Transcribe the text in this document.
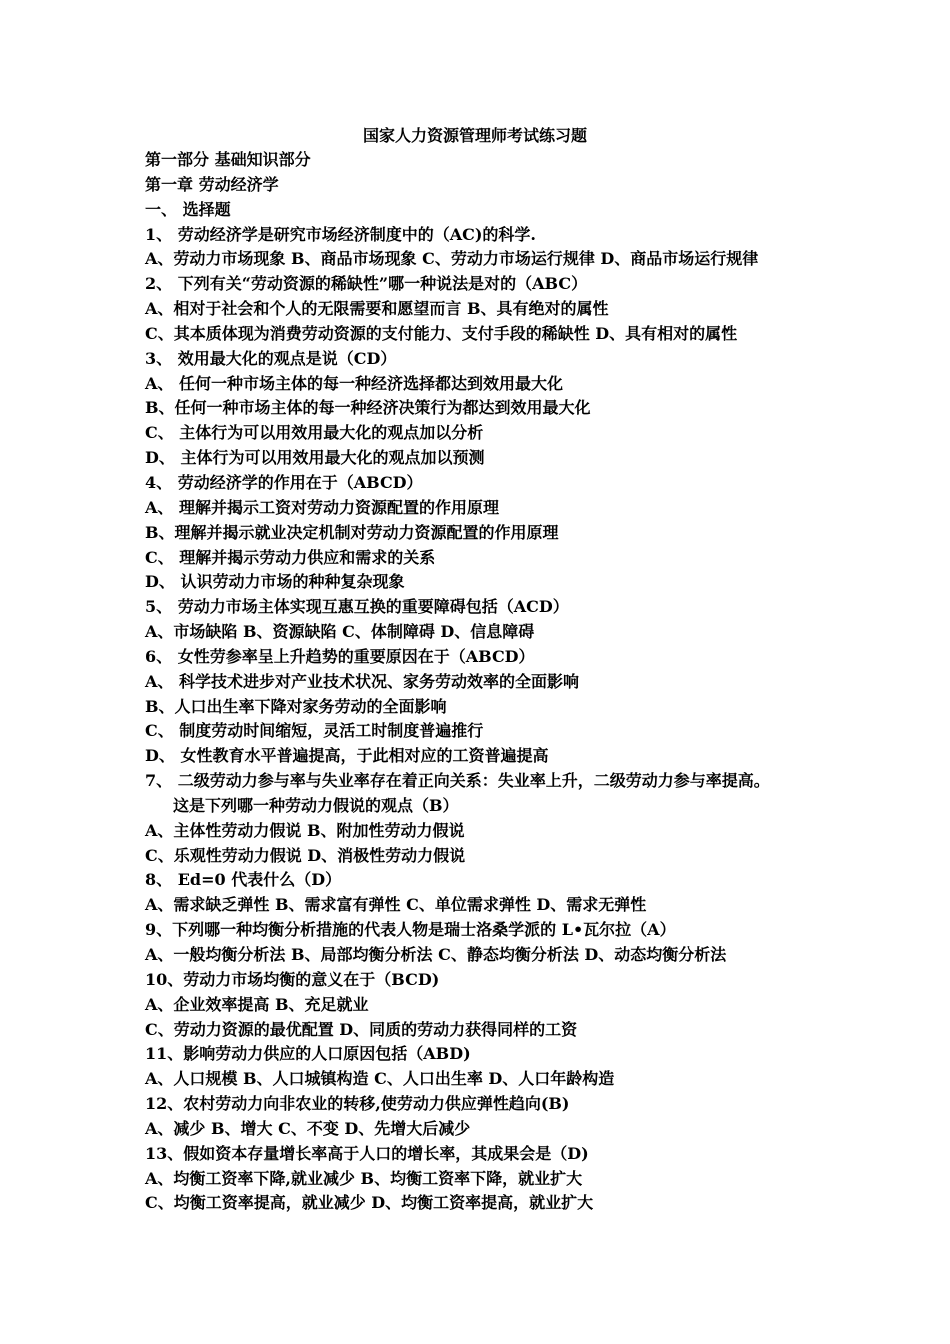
国家人力资源管理师考试练习题
第一部分 基础知识部分
第一章 劳动经济学
一、 选择题
1、 劳动经济学是研究市场经济制度中的（AC)的科学.
A、劳动力市场现象 B、商品市场现象 C、劳动力市场运行规律 D、商品市场运行规律
2、 下列有关“劳动资源的稀缺性”哪一种说法是对的（ABC）
A、相对于社会和个人的无限需要和愿望而言 B、具有绝对的属性
C、其本质体现为消费劳动资源的支付能力、支付手段的稀缺性 D、具有相对的属性
3、 效用最大化的观点是说（CD）
A、 任何一种市场主体的每一种经济选择都达到效用最大化
B、任何一种市场主体的每一种经济决策行为都达到效用最大化
C、 主体行为可以用效用最大化的观点加以分析
D、 主体行为可以用效用最大化的观点加以预测
4、 劳动经济学的作用在于（ABCD）
A、 理解并揭示工资对劳动力资源配置的作用原理
B、理解并揭示就业决定机制对劳动力资源配置的作用原理
C、 理解并揭示劳动力供应和需求的关系
D、 认识劳动力市场的种种复杂现象
5、 劳动力市场主体实现互惠互换的重要障碍包括（ACD）
A、市场缺陷 B、资源缺陷 C、体制障碍 D、信息障碍
6、 女性劳参率呈上升趋势的重要原因在于（ABCD）
A、 科学技术进步对产业技术状况、家务劳动效率的全面影响
B、人口出生率下降对家务劳动的全面影响
C、 制度劳动时间缩短，灵活工时制度普遍推行
D、 女性教育水平普遍提高，于此相对应的工资普遍提高
7、 二级劳动力参与率与失业率存在着正向关系：失业率上升，二级劳动力参与率提高。
这是下列哪一种劳动力假说的观点（B）
A、主体性劳动力假说 B、附加性劳动力假说
C、乐观性劳动力假说 D、消极性劳动力假说
8、 Ed=0 代表什么（D）
A、需求缺乏弹性 B、需求富有弹性 C、单位需求弹性 D、需求无弹性
9、下列哪一种均衡分析措施的代表人物是瑞士洛桑学派的 L•瓦尔拉（A）
A、一般均衡分析法 B、局部均衡分析法 C、静态均衡分析法 D、动态均衡分析法
10、劳动力市场均衡的意义在于（BCD)
A、企业效率提高 B、充足就业
C、劳动力资源的最优配置 D、同质的劳动力获得同样的工资
11、影响劳动力供应的人口原因包括（ABD)
A、人口规模 B、人口城镇构造 C、人口出生率 D、人口年龄构造
12、农村劳动力向非农业的转移,使劳动力供应弹性趋向(B)
A、减少 B、增大 C、不变 D、先增大后减少
13、假如资本存量增长率高于人口的增长率，其成果会是（D)
A、均衡工资率下降,就业减少 B、均衡工资率下降，就业扩大
C、均衡工资率提高，就业减少 D、均衡工资率提高，就业扩大
